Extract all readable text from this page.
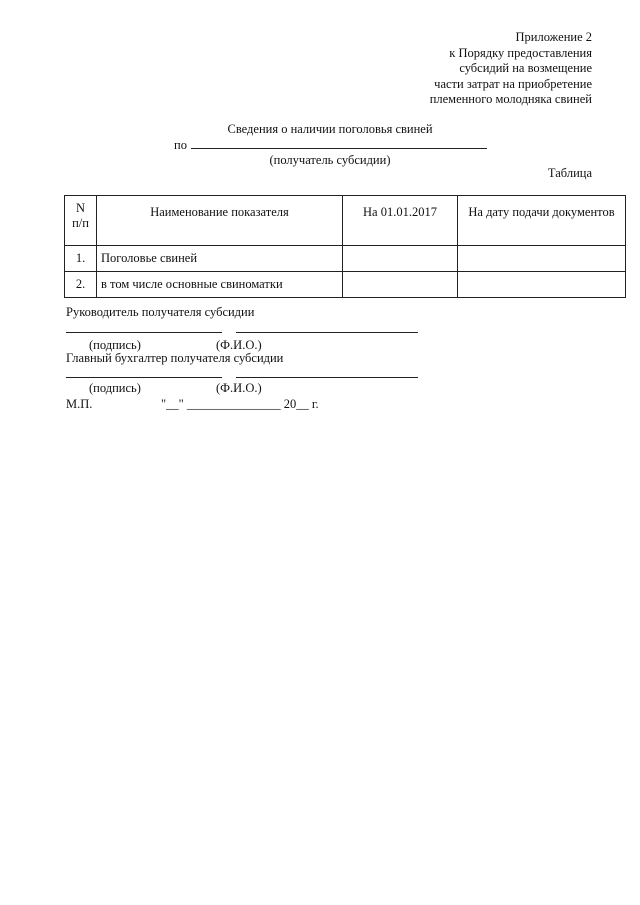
Приложение 2
к Порядку предоставления
субсидий на возмещение
части затрат на приобретение
племенного молодняка свиней
Сведения о наличии поголовья свиней
по
(получатель субсидии)
Таблица
N
п/п	Наименование показателя	На 01.01.2017	На дату подачи документов
1.	Поголовье свиней		
2.	в том числе основные свиноматки		
Руководитель получателя субсидии
(подпись)	(Ф.И.О.)
Главный бухгалтер получателя субсидии
(подпись)	(Ф.И.О.)
М.П.	"__" _______________ 20__ г.
